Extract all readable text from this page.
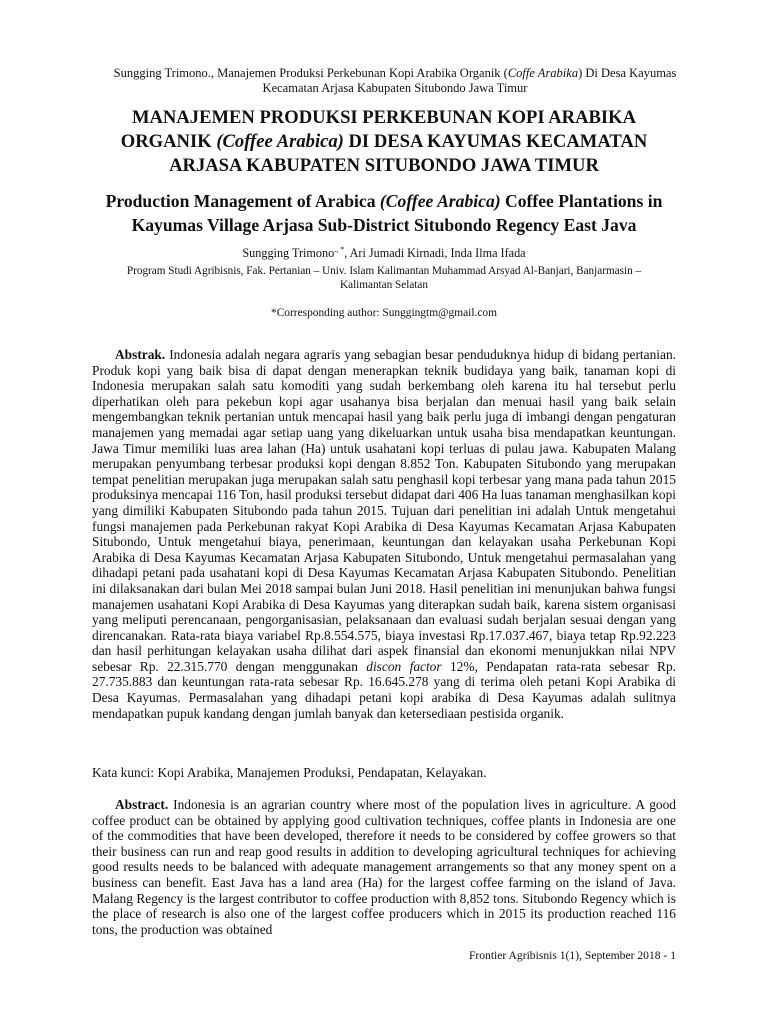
Sungging Trimono., Manajemen Produksi Perkebunan Kopi Arabika Organik (Coffe Arabika) Di Desa Kayumas Kecamatan Arjasa Kabupaten Situbondo Jawa Timur
MANAJEMEN PRODUKSI PERKEBUNAN KOPI ARABIKA ORGANIK (Coffee Arabica) DI DESA KAYUMAS KECAMATAN ARJASA KABUPATEN SITUBONDO JAWA TIMUR
Production Management of Arabica (Coffee Arabica) Coffee Plantations in Kayumas Village Arjasa Sub-District Situbondo Regency East Java
Sungging Trimono., *, Ari Jumadi Kirnadi, Inda Ilma Ifada
Program Studi Agribisnis, Fak. Pertanian – Univ. Islam Kalimantan Muhammad Arsyad Al-Banjari, Banjarmasin – Kalimantan Selatan
*Corresponding author: Sunggingtm@gmail.com

Abstrak. Indonesia adalah negara agraris yang sebagian besar penduduknya hidup di bidang pertanian. Produk kopi yang baik bisa di dapat dengan menerapkan teknik budidaya yang baik, tanaman kopi di Indonesia merupakan salah satu komoditi yang sudah berkembang oleh karena itu hal tersebut perlu diperhatikan oleh para pekebun kopi agar usahanya bisa berjalan dan menuai hasil yang baik selain mengembangkan teknik pertanian untuk mencapai hasil yang baik perlu juga di imbangi dengan pengaturan manajemen yang memadai agar setiap uang yang dikeluarkan untuk usaha bisa mendapatkan keuntungan. Jawa Timur memiliki luas area lahan (Ha) untuk usahatani kopi terluas di pulau jawa. Kabupaten Malang merupakan penyumbang terbesar produksi kopi dengan 8.852 Ton. Kabupaten Situbondo yang merupakan tempat penelitian merupakan juga merupakan salah satu penghasil kopi terbesar yang mana pada tahun 2015 produksinya mencapai 116 Ton, hasil produksi tersebut didapat dari 406 Ha luas tanaman menghasilkan kopi yang dimiliki Kabupaten Situbondo pada tahun 2015. Tujuan dari penelitian ini adalah Untuk mengetahui fungsi manajemen pada Perkebunan rakyat Kopi Arabika di Desa Kayumas Kecamatan Arjasa Kabupaten Situbondo, Untuk mengetahui biaya, penerimaan, keuntungan dan kelayakan usaha Perkebunan Kopi Arabika di Desa Kayumas Kecamatan Arjasa Kabupaten Situbondo, Untuk mengetahui permasalahan yang dihadapi petani pada usahatani kopi di Desa Kayumas Kecamatan Arjasa Kabupaten Situbondo. Penelitian ini dilaksanakan dari bulan Mei 2018 sampai bulan Juni 2018. Hasil penelitian ini menunjukan bahwa fungsi manajemen usahatani Kopi Arabika di Desa Kayumas yang diterapkan sudah baik, karena sistem organisasi yang meliputi perencanaan, pengorganisasian, pelaksanaan dan evaluasi sudah berjalan sesuai dengan yang direncanakan. Rata-rata biaya variabel Rp.8.554.575, biaya investasi Rp.17.037.467, biaya tetap Rp.92.223 dan hasil perhitungan kelayakan usaha dilihat dari aspek finansial dan ekonomi menunjukkan nilai NPV sebesar Rp. 22.315.770 dengan menggunakan discon factor 12%, Pendapatan rata-rata sebesar Rp. 27.735.883 dan keuntungan rata-rata sebesar Rp. 16.645.278 yang di terima oleh petani Kopi Arabika di Desa Kayumas. Permasalahan yang dihadapi petani kopi arabika di Desa Kayumas adalah sulitnya mendapatkan pupuk kandang dengan jumlah banyak dan ketersediaan pestisida organik.

Kata kunci: Kopi Arabika, Manajemen Produksi, Pendapatan, Kelayakan.

Abstract. Indonesia is an agrarian country where most of the population lives in agriculture. A good coffee product can be obtained by applying good cultivation techniques, coffee plants in Indonesia are one of the commodities that have been developed, therefore it needs to be considered by coffee growers so that their business can run and reap good results in addition to developing agricultural techniques for achieving good results needs to be balanced with adequate management arrangements so that any money spent on a business can benefit. East Java has a land area (Ha) for the largest coffee farming on the island of Java. Malang Regency is the largest contributor to coffee production with 8,852 tons. Situbondo Regency which is the place of research is also one of the largest coffee producers which in 2015 its production reached 116 tons, the production was obtained

Frontier Agribisnis 1(1), September 2018 - 1
